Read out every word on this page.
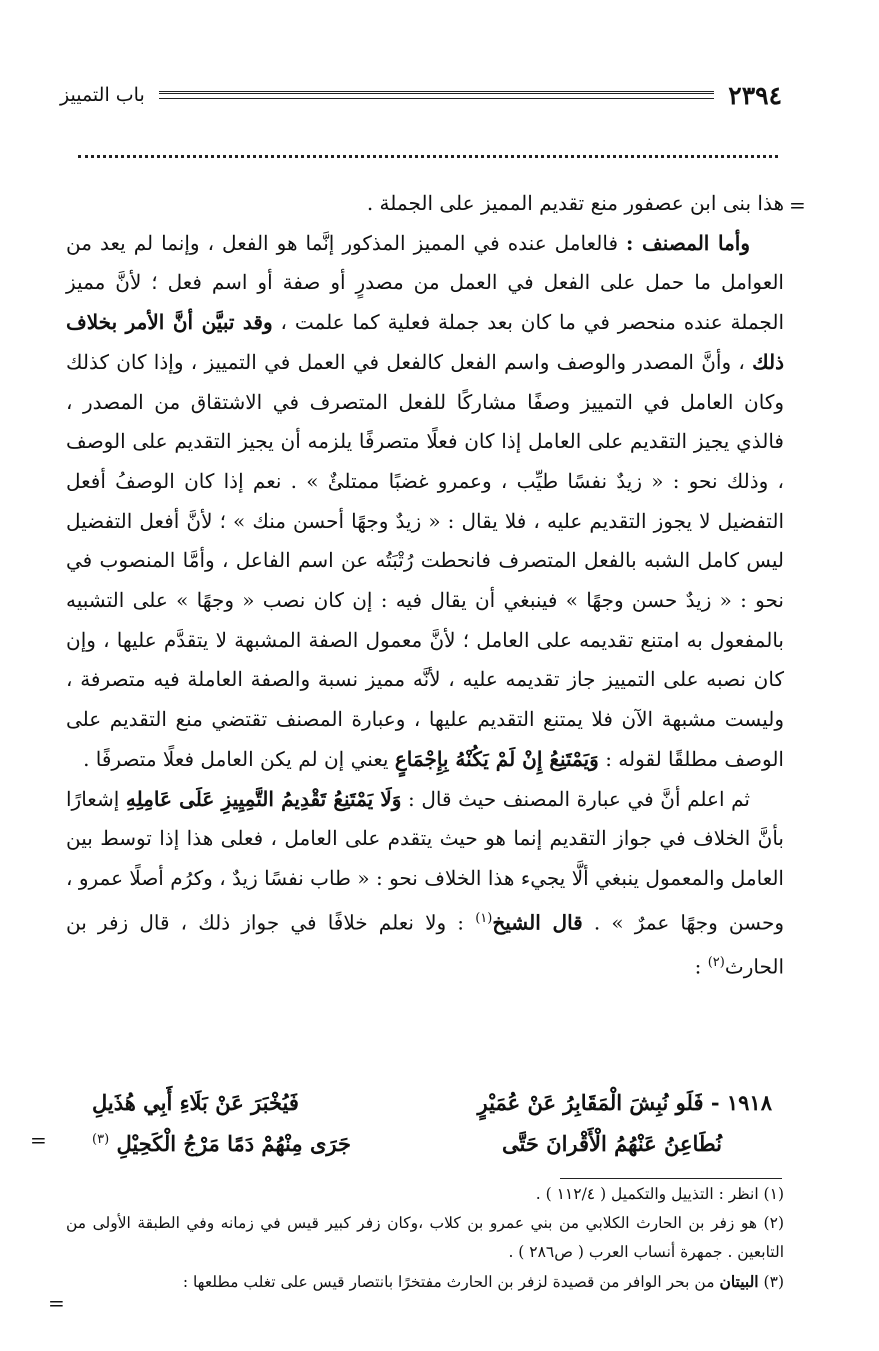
٢٣٩٤
باب التمييز
=

هذا بنى ابن عصفور منع تقديم المميز على الجملة .

وأما المصنف : فالعامل عنده في المميز المذكور إنَّما هو الفعل ، وإنما لم يعد من العوامل ما حمل على الفعل في العمل من مصدرٍ أو صفة أو اسم فعل ؛ لأنَّ مميز الجملة عنده منحصر في ما كان بعد جملة فعلية كما علمت ، وقد تبيَّن أنَّ الأمر بخلاف ذلك ، وأنَّ المصدر والوصف واسم الفعل كالفعل في العمل في التمييز ، وإذا كان كذلك وكان العامل في التمييز وصفًا مشاركًا للفعل المتصرف في الاشتقاق من المصدر ، فالذي يجيز التقديم على العامل إذا كان فعلًا متصرفًا يلزمه أن يجيز التقديم على الوصف ، وذلك نحو : « زيدٌ نفسًا طيِّب ، وعمرو غضبًا ممتلئٌ » . نعم إذا كان الوصفُ أفعل التفضيل لا يجوز التقديم عليه ، فلا يقال : « زيدٌ وجهًا أحسن منك » ؛ لأنَّ أفعل التفضيل ليس كامل الشبه بالفعل المتصرف فانحطت رُتْبَتُه عن اسم الفاعل ، وأمَّا المنصوب في نحو : « زيدٌ حسن وجهًا » فينبغي أن يقال فيه : إن كان نصب « وجهًا » على التشبيه بالمفعول به امتنع تقديمه على العامل ؛ لأنَّ معمول الصفة المشبهة لا يتقدَّم عليها ، وإن كان نصبه على التمييز جاز تقديمه عليه ، لأنَّه مميز نسبة والصفة العاملة فيه متصرفة ، وليست مشبهة الآن فلا يمتنع التقديم عليها ، وعبارة المصنف تقتضي منع التقديم على الوصف مطلقًا لقوله : وَيَمْتَنِعُ إِنْ لَمْ يَكُنْهُ بِإِجْمَاعٍ يعني إن لم يكن العامل فعلًا متصرفًا .

ثم اعلم أنَّ في عبارة المصنف حيث قال : وَلَا يَمْتَنِعُ تَقْدِيمُ التَّمِيِيزِ عَلَى عَامِلِهِ إشعارًا بأنَّ الخلاف في جواز التقديم إنما هو حيث يتقدم على العامل ، فعلى هذا إذا توسط بين العامل والمعمول ينبغي ألَّا يجيء هذا الخلاف نحو : « طاب نفسًا زيدٌ ، وكرُم أصلًا عمرو ، وحسن وجهًا عمرٌ » . قال الشيخ$^{(١)}$ : ولا نعلم خلافًا في جواز ذلك ، قال زفر بن الحارث$^{(٢)}$ :

١٩١٨ - فَلَو نُبِشَ الْمَقَابِرُ عَنْ عُمَيْرٍ
فَيُخْبَرَ عَنْ بَلَاءِ أَبِي هُذَيلِ
نُطَاعِنُ عَنْهُمُ الْأَقْرانَ حَتَّى
جَرَى مِنْهُمْ دَمًا مَرْجُ الْكَحِيْلِ $^{(٣)}$
=

(١) انظر : التذييل والتكميل ( ١١٢/٤ ) .

(٢) هو زفر بن الحارث الكلابي من بني عمرو بن كلاب ،وكان زفر كبير قيس في زمانه وفي الطبقة الأولى من التابعين . جمهرة أنساب العرب ( ص٢٨٦ ) .

(٣) البيتان من بحر الوافر من قصيدة لزفر بن الحارث مفتخرًا بانتصار قيس على تغلب مطلعها :

=
